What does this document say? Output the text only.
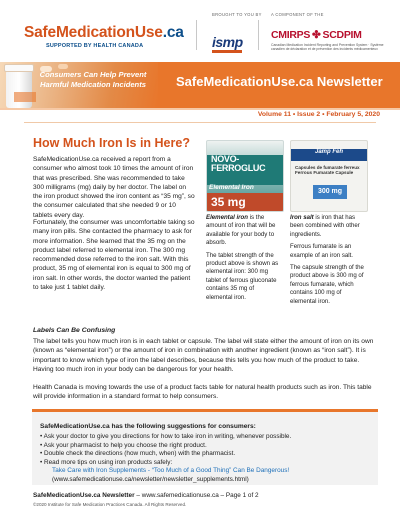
SafeMedicationUse.ca
SUPPORTED BY HEALTH CANADA
BROUGHT TO YOU BY
ismp
A COMPONENT OF THE
CMIRPS ✤ SCDPIM
Canadian Medication Incident Reporting and Prevention System · Système canadien de déclaration et de prévention des incidents médicamenteux
Consumers Can Help Prevent
Harmful Medication Incidents	SafeMedicationUse.ca Newsletter
Volume 11 • Issue 2 • February 5, 2020
How Much Iron Is in Here?
SafeMedicationUse.ca received a report from a consumer who almost took 10 times the amount of iron that was prescribed. She was recommended to take 300 milligrams (mg) daily by her doctor. The label on the iron product showed the iron content as “35 mg”, so the consumer calculated that she needed 9 or 10 tablets every day.
Fortunately, the consumer was uncomfortable taking so many iron pills. She contacted the pharmacy to ask for more information. She learned that the 35 mg on the product label referred to elemental iron. The 300 mg recommended dose referred to the iron salt. With this product, 35 mg of elemental iron is equal to 300 mg of iron salt. In other words, the doctor wanted the patient to take just 1 tablet daily.
NOVO-
FERROGLUC
Elemental Iron
35 mg
Jamp Feh
Capsules de fumarate ferreux Ferrous Fumarate Capsule
300 mg

Elemental iron is the amount of iron that will be available for your body to absorb.

The tablet strength of the product above is shown as elemental iron: 300 mg tablet of ferrous gluconate contains 35 mg of elemental iron.

Iron salt is iron that has been combined with other ingredients.

Ferrous fumarate is an example of an iron salt.

The capsule strength of the product above is 300 mg of ferrous fumarate, which contains 100 mg of elemental iron.

Labels Can Be Confusing
The label tells you how much iron is in each tablet or capsule. The label will state either the amount of iron on its own (known as “elemental iron”) or the amount of iron in combination with another ingredient (known as “iron salt”). It is important to know which type of iron the label describes, because this tells you how much of the product to take. Having too much iron in your body can be dangerous for your health.
Health Canada is moving towards the use of a product facts table for natural health products such as iron. This table will provide information in a standard format to help consumers.
SafeMedicationUse.ca has the following suggestions for consumers:
• Ask your doctor to give you directions for how to take iron in writing, whenever possible.
• Ask your pharmacist to help you choose the right product.
• Double check the directions (how much, when) with the pharmacist.
• Read more tips on using iron products safely:
Take Care with Iron Supplements - “Too Much of a Good Thing” Can Be Dangerous!
(www.safemedicationuse.ca/newsletter/newsletter_supplements.html)
SafeMedicationUse.ca Newsletter – www.safemedicationuse.ca – Page 1 of 2
©2020 Institute for Safe Medication Practices Canada. All Rights Reserved.
